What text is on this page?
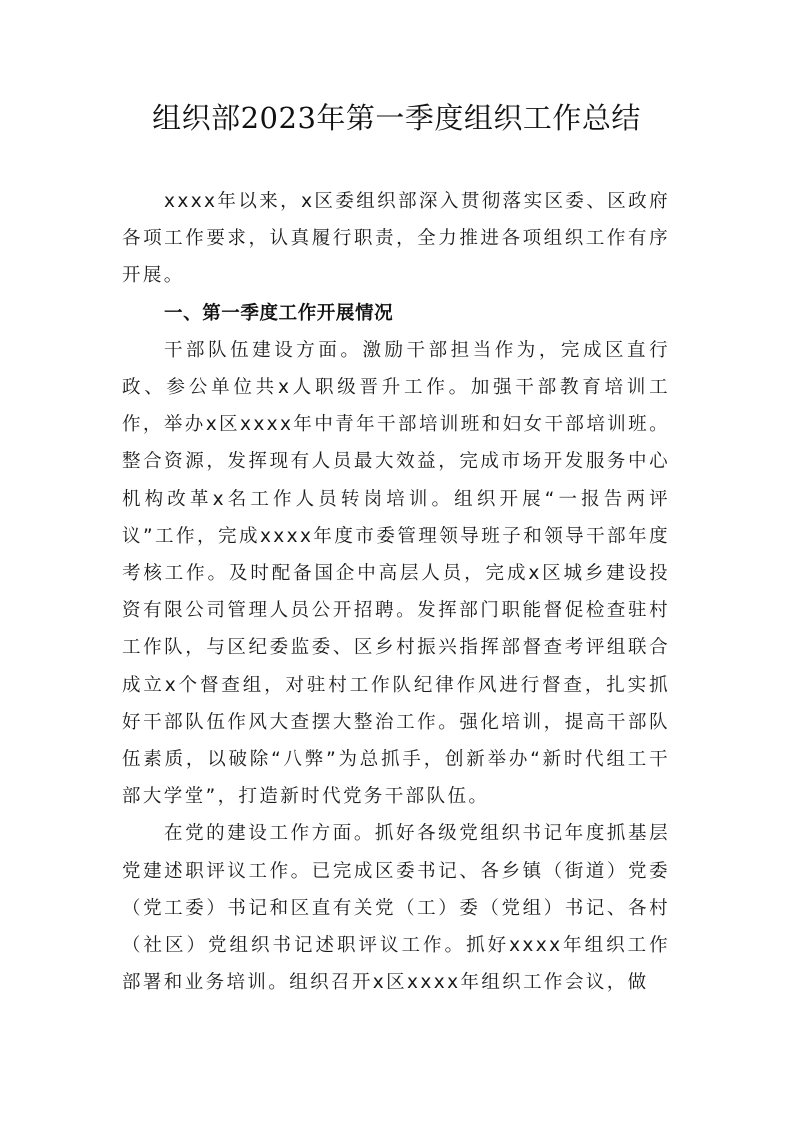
组织部2023年第一季度组织工作总结

xxxx年以来，x区委组织部深入贯彻落实区委、区政府各项工作要求，认真履行职责，全力推进各项组织工作有序开展。

一、第一季度工作开展情况

干部队伍建设方面。激励干部担当作为，完成区直行政、参公单位共x人职级晋升工作。加强干部教育培训工作，举办x区xxxx年中青年干部培训班和妇女干部培训班。整合资源，发挥现有人员最大效益，完成市场开发服务中心机构改革x名工作人员转岗培训。组织开展“一报告两评议”工作，完成xxxx年度市委管理领导班子和领导干部年度考核工作。及时配备国企中高层人员，完成x区城乡建设投资有限公司管理人员公开招聘。发挥部门职能督促检查驻村工作队，与区纪委监委、区乡村振兴指挥部督查考评组联合成立x个督查组，对驻村工作队纪律作风进行督查，扎实抓好干部队伍作风大查摆大整治工作。强化培训，提高干部队伍素质，以破除“八弊”为总抓手，创新举办“新时代组工干部大学堂”，打造新时代党务干部队伍。

在党的建设工作方面。抓好各级党组织书记年度抓基层党建述职评议工作。已完成区委书记、各乡镇（街道）党委（党工委）书记和区直有关党（工）委（党组）书记、各村（社区）党组织书记述职评议工作。抓好xxxx年组织工作部署和业务培训。组织召开x区xxxx年组织工作会议，做
